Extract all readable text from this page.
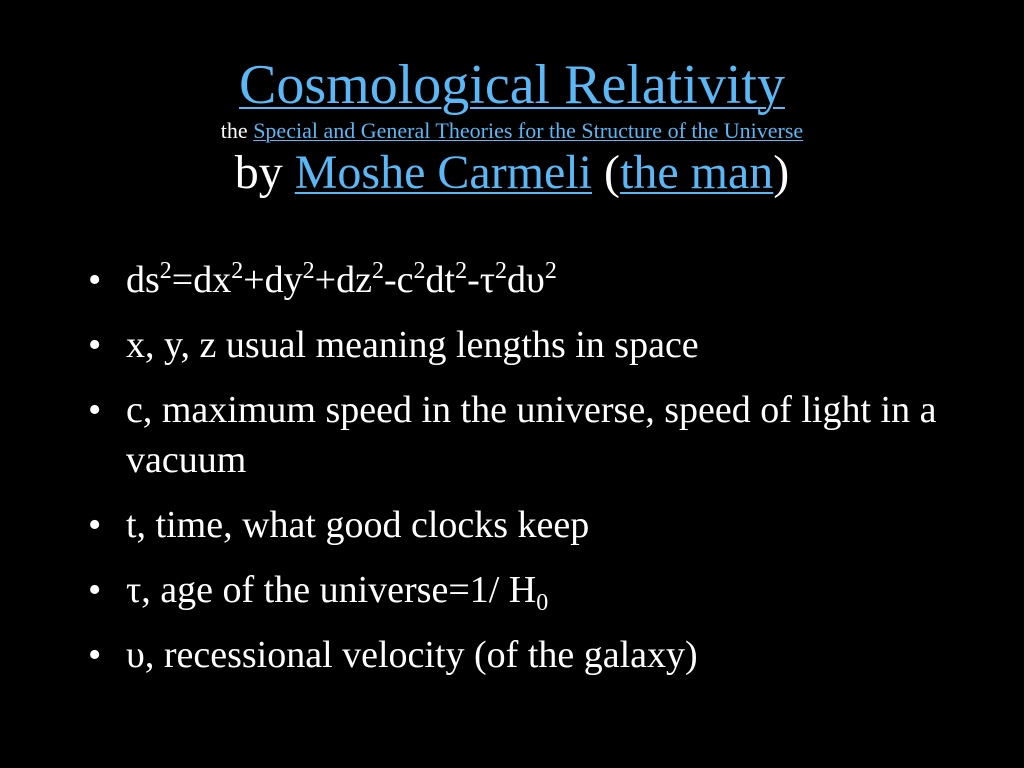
Cosmological Relativity

the Special and General Theories for the Structure of the Universe

by Moshe Carmeli (the man)

• $ds^2=dx^2+dy^2+dz^2-c^2dt^2-\tau^2d\upsilon^2$
• x, y, z usual meaning lengths in space
• c, maximum speed in the universe, speed of light in a vacuum
• t, time, what good clocks keep
• τ, age of the universe=1/ $H_0$
• υ, recessional velocity (of the galaxy)
